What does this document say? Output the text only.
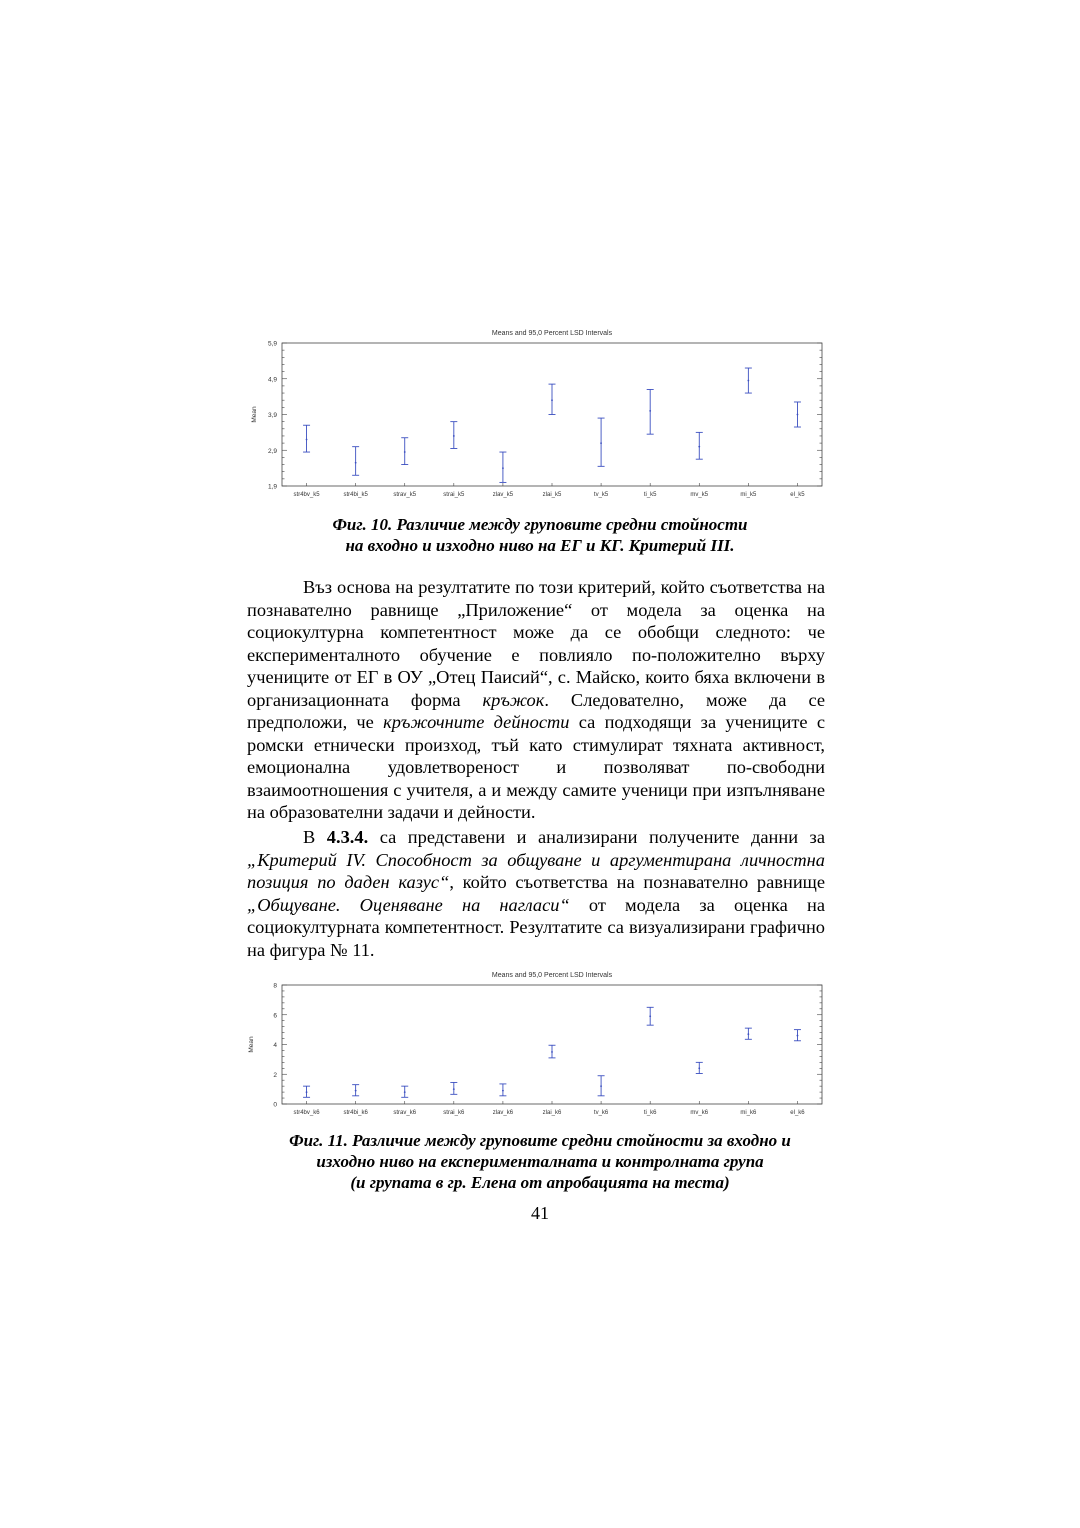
Means and 95,0 Percent LSD Intervals
1,9
2,9
3,9
4,9
5,9
Mean
str4bv_k5	str4bi_k5	strav_k5	strai_k5	zlav_k5	zlai_k5	tv_k5	ti_k5	mv_k5	mi_k5	el_k5
Фиг. 10. Различие между груповите средни стойности
на входно и изходно ниво на ЕГ и КГ. Критерий III.

Въз основа на резултатите по този критерий, който съответства на познавателно равнище „Приложение“ от модела за оценка на социокултурна компетентност може да се обобщи следното: че експерименталното обучение е повлияло по-положително върху учениците от ЕГ в ОУ „Отец Паисий“, с. Майско, които бяха включени в организационната форма кръжок. Следователно, може да се предположи, че кръжочните дейности са подходящи за учениците с ромски етнически произход, тъй като стимулират тяхната активност, емоционална удовлетвореност и позволяват по-свободни взаимоотношения с учителя, а и между самите ученици при изпълняване на образователни задачи и дейности.

В 4.3.4. са представени и анализирани получените данни за „Критерий IV. Способност за общуване и аргументирана личностна позиция по даден казус“, който съответства на познавателно равнище „Общуване. Оценяване на нагласи“ от модела за оценка на социокултурната компетентност. Резултатите са визуализирани графично на фигура № 11.

Means and 95,0 Percent LSD Intervals
0
2
4
6
8
Mean
str4bv_k6	str4bi_k6	strav_k6	strai_k6	zlav_k6	zlai_k6	tv_k6	ti_k6	mv_k6	mi_k6	el_k6
Фиг. 11. Различие между груповите средни стойности за входно и
изходно ниво на експерименталната и контролната група
(и групата в гр. Елена от апробацията на теста)
41
